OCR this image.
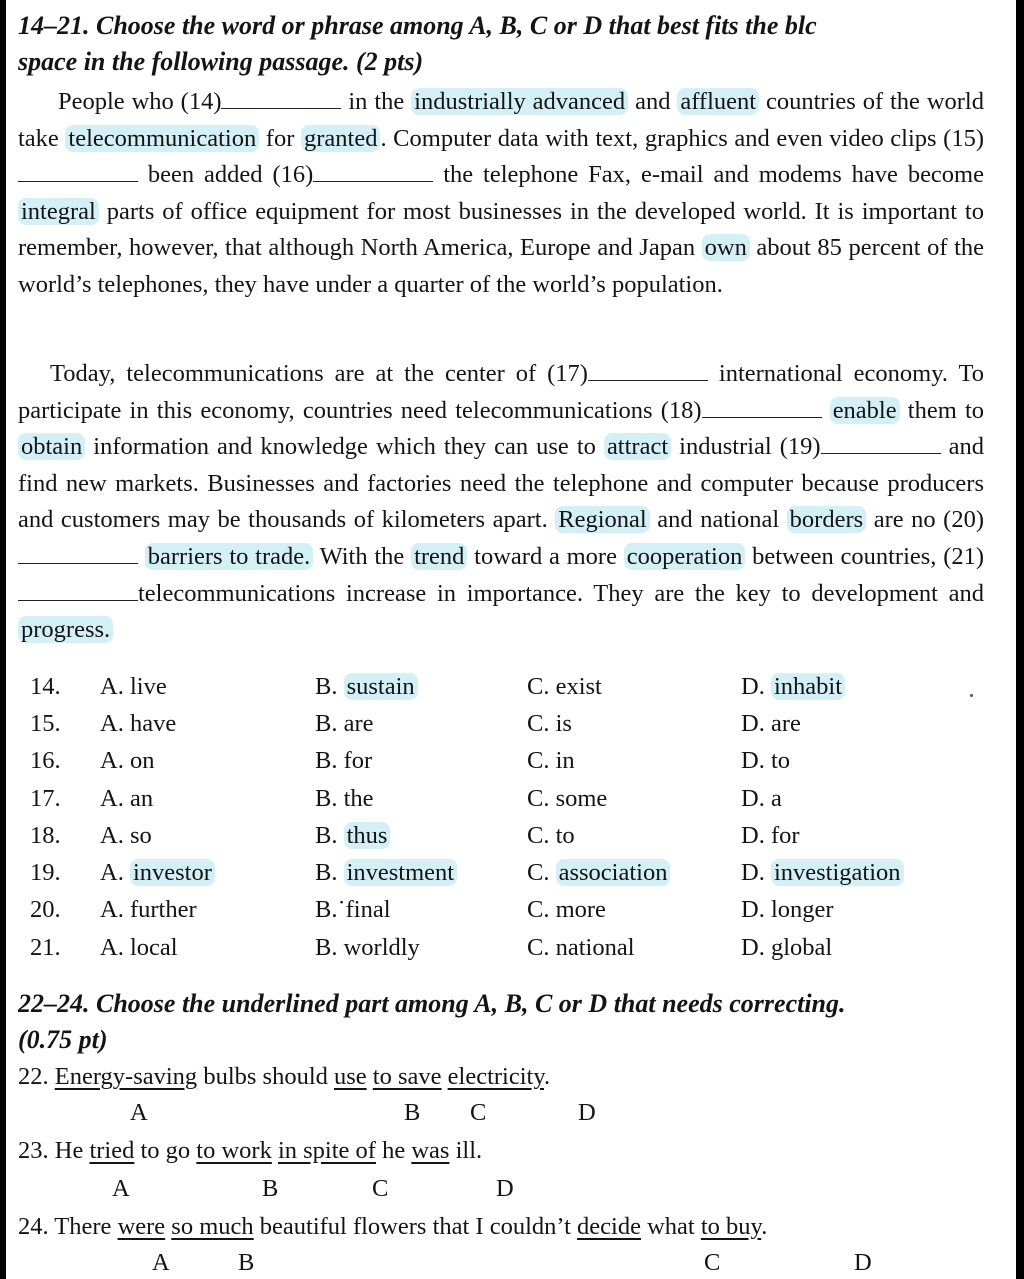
14–21. Choose the word or phrase among A, B, C or D that best fits the blc
space in the following passage. (2 pts)

People who (14)	in the industrially advanced and affluent countries of the world take telecommunication for granted . Computer data with text, graphics and even video clips (15) been added (16)	the telephone Fax, e-mail and modems have become integral parts of office equipment for most businesses in the developed world. It is important to remember, however, that although North America, Europe and Japan own about 85 percent of the world’s telephones, they have under a quarter of the world’s population.

Today, telecommunications are at the center of (17)	international economy. To participate in this economy, countries need telecommunications (18)	enable them to obtain information and knowledge which they can use to attract industrial (19)	and find new markets. Businesses and factories need the telephone and computer because producers and customers may be thousands of kilometers apart. Regional and national borders are no (20) barriers to trade. With the trend toward a more cooperation between countries, (21)telecommunications increase in importance. They are the key to development and progress.

14.	A. live	B. sustain	C. exist	D. inhabit
15.	A. have	B. are	C. is	D. are
16.	A. on	B. for	C. in	D. to
17.	A. an	B. the	C. some	D. a
18.	A. so	B. thus	C. to	D. for
19.	A. investor	B. investment	C. association	D. investigation
20.	A. further	B.˙final	C. more	D. longer
21.	A. local	B. worldly	C. national	D. global
22–24. Choose the underlined part among A, B, C or D that needs correcting.
(0.75 pt)

22. Energy-saving bulbs should use to save electricity.

A	B C	D

23. He tried to go to work in spite of he was ill.

A	B	C	D

24. There were so much beautiful flowers that I couldn’t decide what to buy.

A	B	C	D
